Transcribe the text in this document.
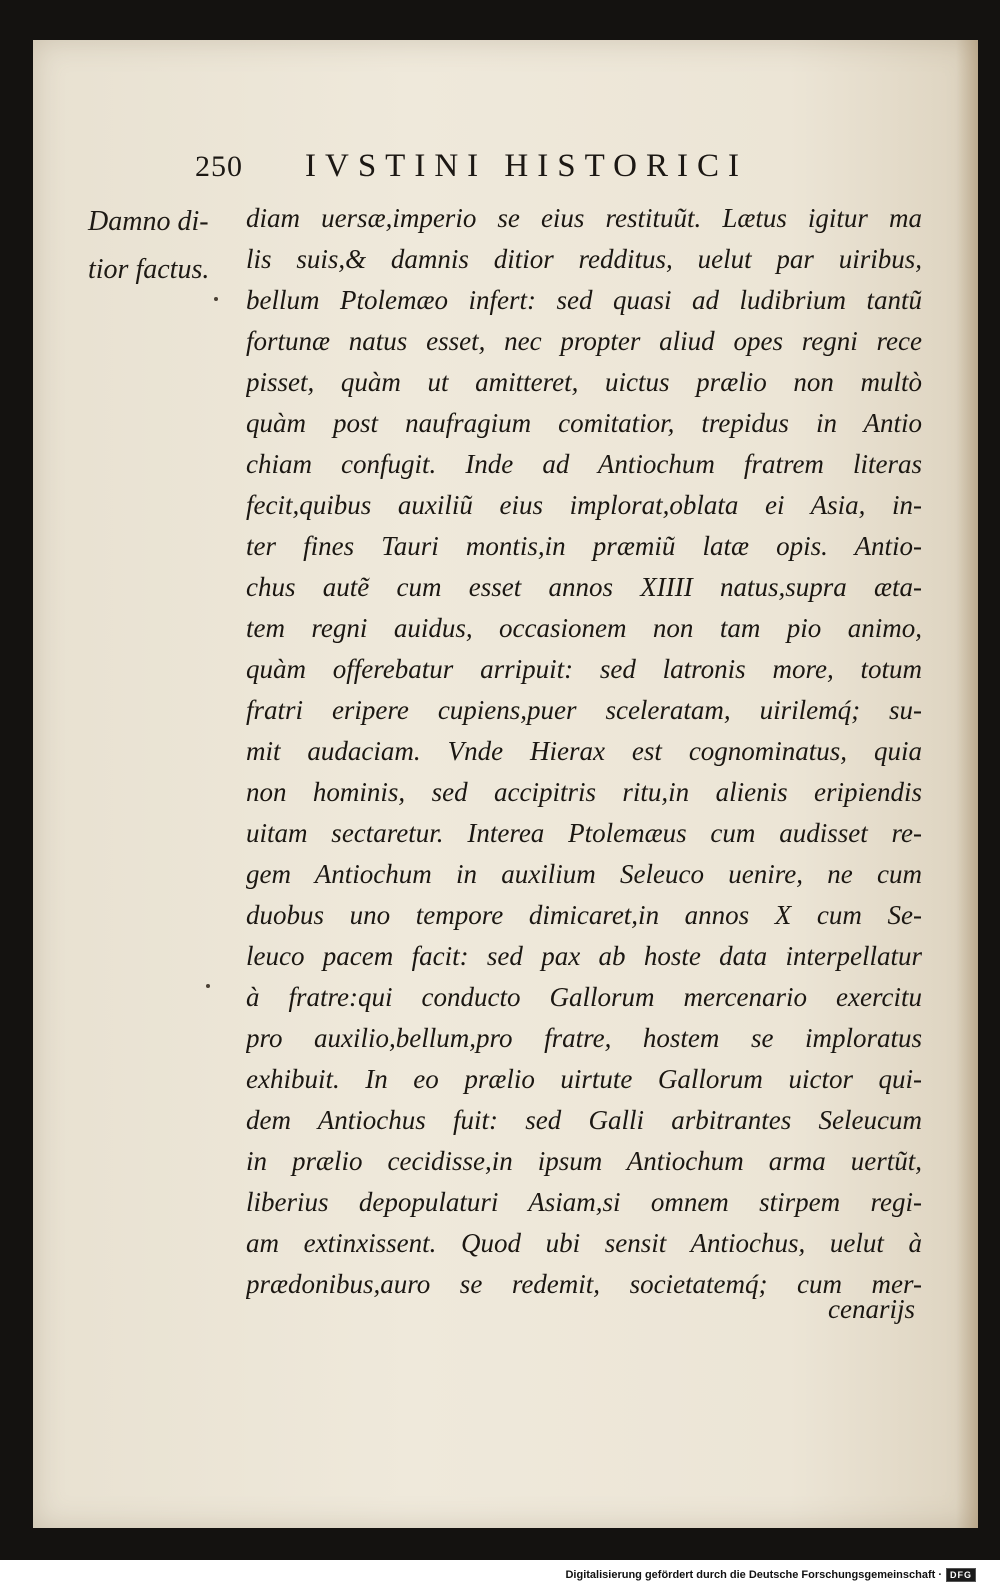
250	IVSTINI HISTORICI
Damno di-
tior factus.
diam uersæ,imperio se eius restituũt. Lætus igitur ma
lis suis,& damnis ditior redditus, uelut par uiribus,
bellum Ptolemæo infert: sed quasi ad ludibrium tantũ
fortunæ natus esset, nec propter aliud opes regni rece
pisset, quàm ut amitteret, uictus prælio non multò
quàm post naufragium comitatior, trepidus in Antio
chiam confugit. Inde ad Antiochum fratrem literas
fecit,quibus auxiliũ eius implorat,oblata ei Asia, in-
ter fines Tauri montis,in præmiũ latæ opis. Antio-
chus autẽ cum esset annos XIIII natus,supra æta-
tem regni auidus, occasionem non tam pio animo,
quàm offerebatur arripuit: sed latronis more, totum
fratri eripere cupiens,puer sceleratam, uirilemq́; su-
mit audaciam. Vnde Hierax est cognominatus, quia
non hominis, sed accipitris ritu,in alienis eripiendis
uitam sectaretur. Interea Ptolemæus cum audisset re-
gem Antiochum in auxilium Seleuco uenire, ne cum
duobus uno tempore dimicaret,in annos X cum Se-
leuco pacem facit: sed pax ab hoste data interpellatur
à fratre:qui conducto Gallorum mercenario exercitu
pro auxilio,bellum,pro fratre, hostem se imploratus
exhibuit. In eo prælio uirtute Gallorum uictor qui-
dem Antiochus fuit: sed Galli arbitrantes Seleucum
in prælio cecidisse,in ipsum Antiochum arma uertũt,
liberius depopulaturi Asiam,si omnem stirpem regi-
am extinxissent. Quod ubi sensit Antiochus, uelut à
prædonibus,auro se redemit, societatemq́; cum mer-
cenarijs
Digitalisierung gefördert durch die Deutsche Forschungsgemeinschaft · DFG
